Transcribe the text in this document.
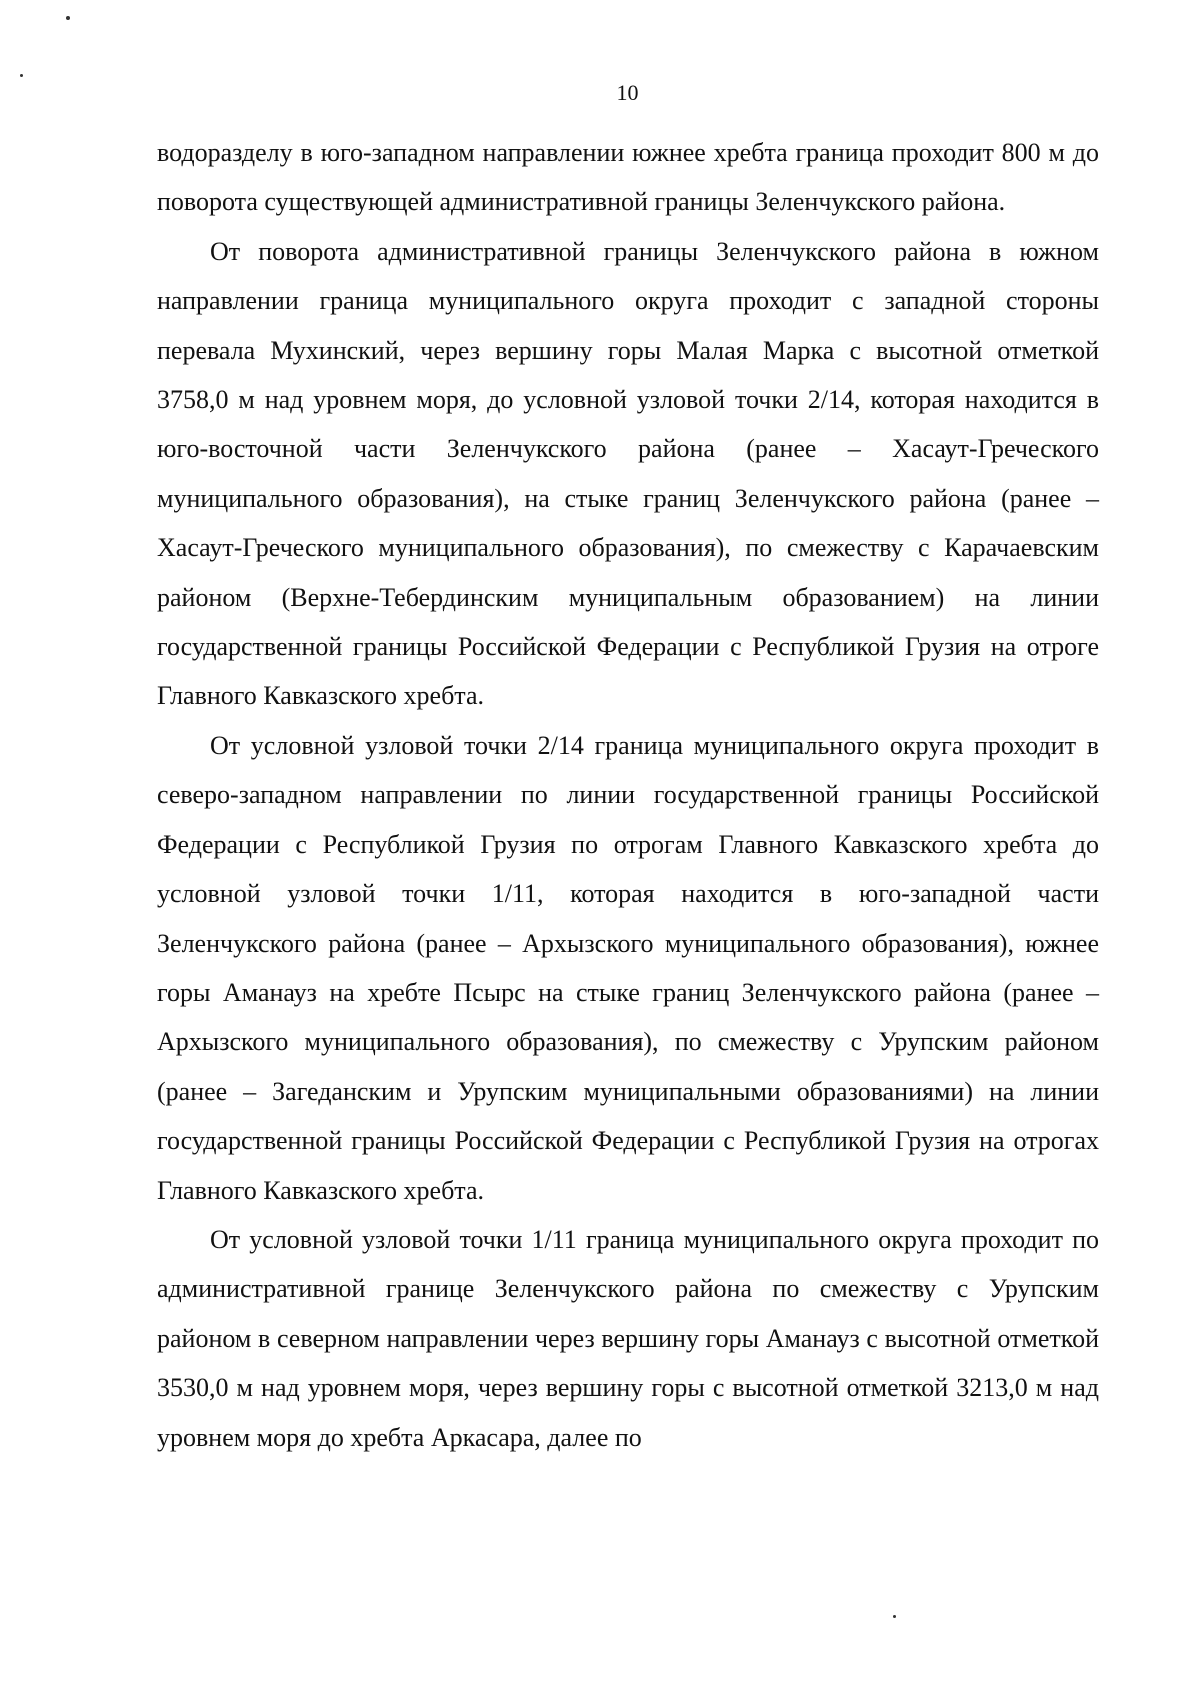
10

водоразделу в юго-западном направлении южнее хребта граница проходит 800 м до поворота существующей административной границы Зеленчукского района.

От поворота административной границы Зеленчукского района в южном направлении граница муниципального округа проходит с западной стороны перевала Мухинский, через вершину горы Малая Марка с высотной отметкой 3758,0 м над уровнем моря, до условной узловой точки 2/14, которая находится в юго-восточной части Зеленчукского района (ранее – Хасаут-Греческого муниципального образования), на стыке границ Зеленчукского района (ранее – Хасаут-Греческого муниципального образования), по смежеству с Карачаевским районом (Верхне-Тебердинским муниципальным образованием) на линии государственной границы Российской Федерации с Республикой Грузия на отроге Главного Кавказского хребта.

От условной узловой точки 2/14 граница муниципального округа проходит в северо-западном направлении по линии государственной границы Российской Федерации с Республикой Грузия по отрогам Главного Кавказского хребта до условной узловой точки 1/11, которая находится в юго-западной части Зеленчукского района (ранее – Архызского муниципального образования), южнее горы Аманауз на хребте Псырс на стыке границ Зеленчукского района (ранее – Архызского муниципального образования), по смежеству с Урупским районом (ранее – Загеданским и Урупским муниципальными образованиями) на линии государственной границы Российской Федерации с Республикой Грузия на отрогах Главного Кавказского хребта.

От условной узловой точки 1/11 граница муниципального округа проходит по административной границе Зеленчукского района по смежеству с Урупским районом в северном направлении через вершину горы Аманауз с высотной отметкой 3530,0 м над уровнем моря, через вершину горы с высотной отметкой 3213,0 м над уровнем моря до хребта Аркасара, далее по
